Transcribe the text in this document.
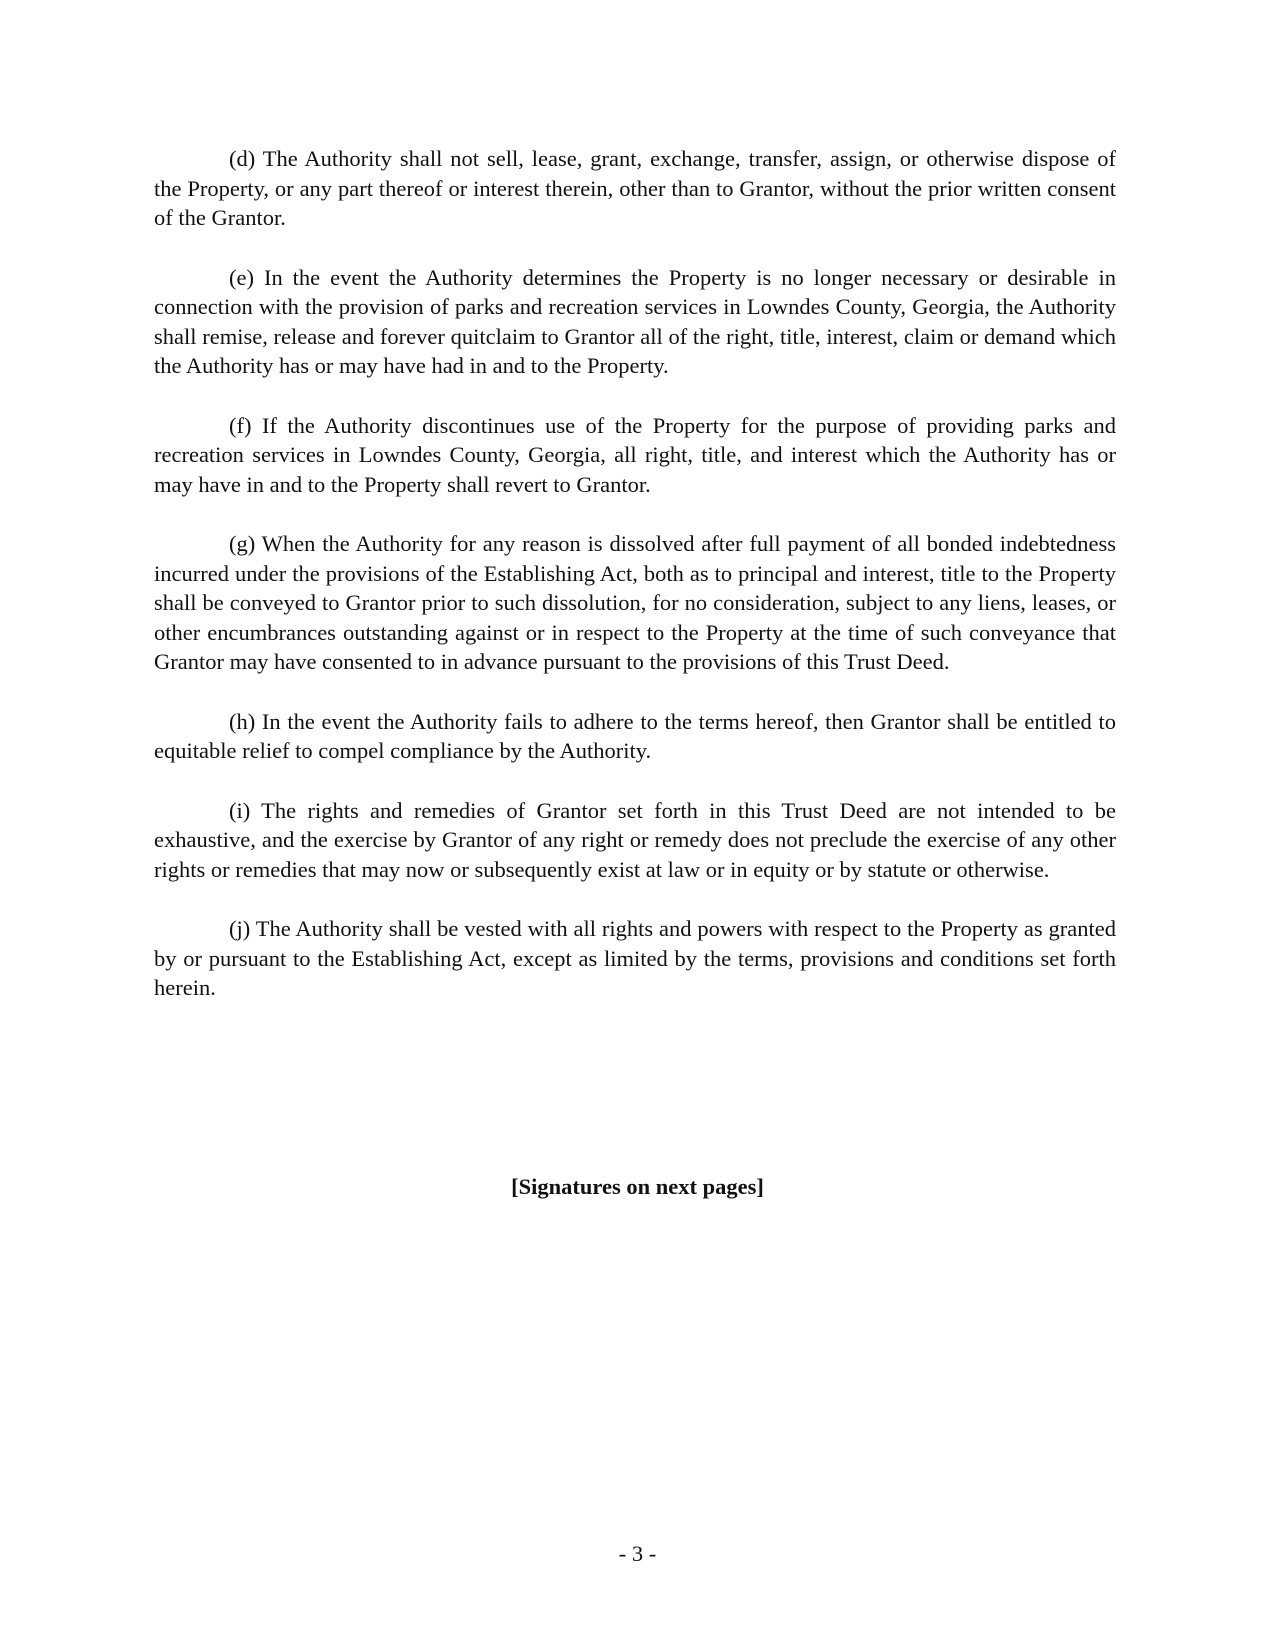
(d) The Authority shall not sell, lease, grant, exchange, transfer, assign, or otherwise dispose of the Property, or any part thereof or interest therein, other than to Grantor, without the prior written consent of the Grantor.

(e) In the event the Authority determines the Property is no longer necessary or desirable in connection with the provision of parks and recreation services in Lowndes County, Georgia, the Authority shall remise, release and forever quitclaim to Grantor all of the right, title, interest, claim or demand which the Authority has or may have had in and to the Property.

(f) If the Authority discontinues use of the Property for the purpose of providing parks and recreation services in Lowndes County, Georgia, all right, title, and interest which the Authority has or may have in and to the Property shall revert to Grantor.

(g) When the Authority for any reason is dissolved after full payment of all bonded indebtedness incurred under the provisions of the Establishing Act, both as to principal and interest, title to the Property shall be conveyed to Grantor prior to such dissolution, for no consideration, subject to any liens, leases, or other encumbrances outstanding against or in respect to the Property at the time of such conveyance that Grantor may have consented to in advance pursuant to the provisions of this Trust Deed.

(h) In the event the Authority fails to adhere to the terms hereof, then Grantor shall be entitled to equitable relief to compel compliance by the Authority.

(i) The rights and remedies of Grantor set forth in this Trust Deed are not intended to be exhaustive, and the exercise by Grantor of any right or remedy does not preclude the exercise of any other rights or remedies that may now or subsequently exist at law or in equity or by statute or otherwise.

(j) The Authority shall be vested with all rights and powers with respect to the Property as granted by or pursuant to the Establishing Act, except as limited by the terms, provisions and conditions set forth herein.

[Signatures on next pages]
- 3 -
